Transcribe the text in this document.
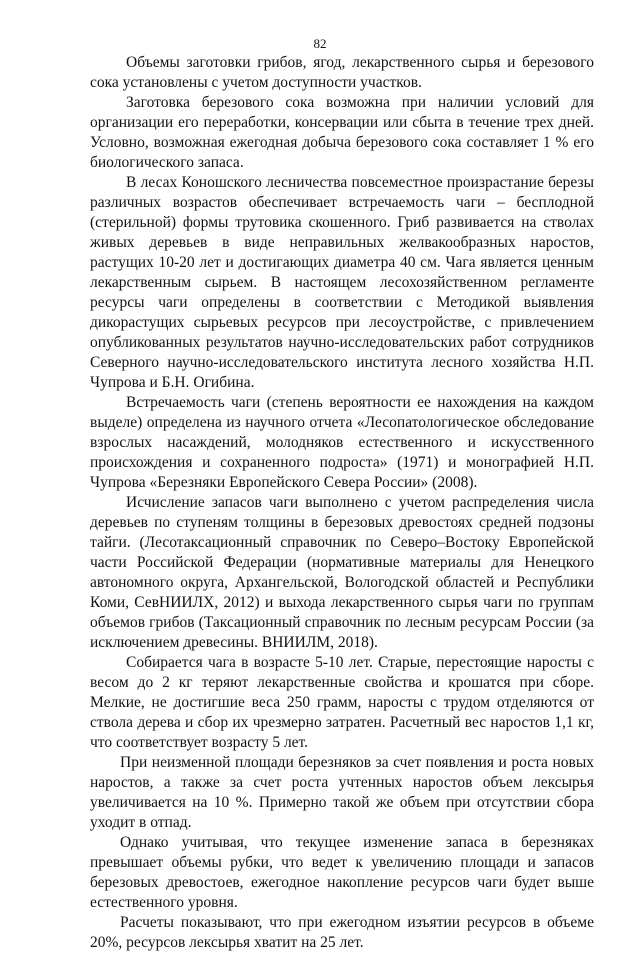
82

Объемы заготовки грибов, ягод, лекарственного сырья и березового сока установлены с учетом доступности участков.

Заготовка березового сока возможна при наличии условий для организации его переработки, консервации или сбыта в течение трех дней. Условно, возможная ежегодная добыча березового сока составляет 1 % его биологического запаса.

В лесах Коношского лесничества повсеместное произрастание березы различных возрастов обеспечивает встречаемость чаги – бесплодной (стерильной) формы трутовика скошенного. Гриб развивается на стволах живых деревьев в виде неправильных желвакообразных наростов, растущих 10-20 лет и достигающих диаметра 40 см. Чага является ценным лекарственным сырьем. В настоящем лесохозяйственном регламенте ресурсы чаги определены в соответствии с Методикой выявления дикорастущих сырьевых ресурсов при лесоустройстве, с привлечением опубликованных результатов научно-исследовательских работ сотрудников Северного научно-исследовательского института лесного хозяйства Н.П. Чупрова и Б.Н. Огибина.

Встречаемость чаги (степень вероятности ее нахождения на каждом выделе) определена из научного отчета «Лесопатологическое обследование взрослых насаждений, молодняков естественного и искусственного происхождения и сохраненного подроста» (1971) и монографией Н.П. Чупрова «Березняки Европейского Севера России» (2008).

Исчисление запасов чаги выполнено с учетом распределения числа деревьев по ступеням толщины в березовых древостоях средней подзоны тайги. (Лесотаксационный справочник по Северо–Востоку Европейской части Российской Федерации (нормативные материалы для Ненецкого автономного округа, Архангельской, Вологодской областей и Республики Коми, СевНИИЛХ, 2012) и выхода лекарственного сырья чаги по группам объемов грибов (Таксационный справочник по лесным ресурсам России (за исключением древесины. ВНИИЛМ, 2018).

Собирается чага в возрасте 5-10 лет. Старые, перестоящие наросты с весом до 2 кг теряют лекарственные свойства и крошатся при сборе. Мелкие, не достигшие веса 250 грамм, наросты с трудом отделяются от ствола дерева и сбор их чрезмерно затратен. Расчетный вес наростов 1,1 кг, что соответствует возрасту 5 лет.

При неизменной площади березняков за счет появления и роста новых наростов, а также за счет роста учтенных наростов объем лексырья увеличивается на 10 %. Примерно такой же объем при отсутствии сбора уходит в отпад.

Однако учитывая, что текущее изменение запаса в березняках превышает объемы рубки, что ведет к увеличению площади и запасов березовых древостоев, ежегодное накопление ресурсов чаги будет выше естественного уровня.

Расчеты показывают, что при ежегодном изъятии ресурсов в объеме 20%, ресурсов лексырья хватит на 25 лет.
